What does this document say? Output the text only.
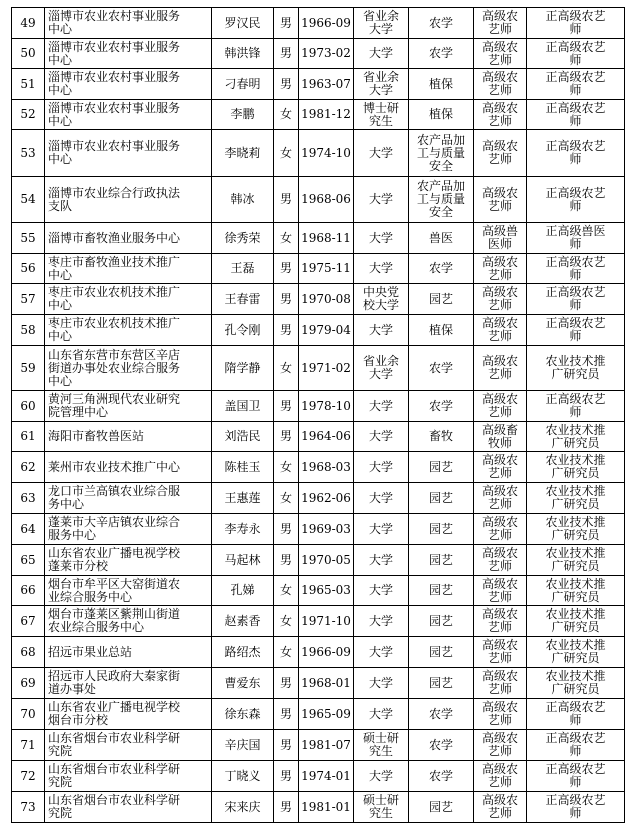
49	淄博市农业农村事业服务
中心	罗汉民	男	1966-09	省业余
大学	农学	高级农
艺师	正高级农艺
师

50	淄博市农业农村事业服务
中心	韩洪锋	男	1973-02	大学	农学	高级农
艺师	正高级农艺
师

51	淄博市农业农村事业服务
中心	刁春明	男	1963-07	省业余
大学	植保	高级农
艺师	正高级农艺
师

52	淄博市农业农村事业服务
中心	李鹏	女	1981-12	博士研
究生	植保	高级农
艺师	正高级农艺
师

53	淄博市农业农村事业服务
中心	李晓莉	女	1974-10	大学	农产品加
工与质量
安全	高级农
艺师	正高级农艺
师

54	淄博市农业综合行政执法
支队	韩冰	男	1968-06	大学	农产品加
工与质量
安全	高级农
艺师	正高级农艺
师

55	淄博市畜牧渔业服务中心	徐秀荣	女	1968-11	大学	兽医	高级兽
医师	正高级兽医
师

56	枣庄市畜牧渔业技术推广
中心	王磊	男	1975-11	大学	农学	高级农
艺师	正高级农艺
师

57	枣庄市农业农机技术推广
中心	王春雷	男	1970-08	中央党
校大学	园艺	高级农
艺师	正高级农艺
师

58	枣庄市农业农机技术推广
中心	孔令刚	男	1979-04	大学	植保	高级农
艺师	正高级农艺
师

59	山东省东营市东营区辛店
街道办事处农业综合服务
中心	隋学静	女	1971-02	省业余
大学	农学	高级农
艺师	农业技术推
广研究员

60	黄河三角洲现代农业研究
院管理中心	盖国卫	男	1978-10	大学	农学	高级农
艺师	正高级农艺
师

61	海阳市畜牧兽医站	刘浩民	男	1964-06	大学	畜牧	高级畜
牧师	农业技术推
广研究员

62	莱州市农业技术推广中心	陈桂玉	女	1968-03	大学	园艺	高级农
艺师	农业技术推
广研究员

63	龙口市兰高镇农业综合服
务中心	王惠莲	女	1962-06	大学	园艺	高级农
艺师	农业技术推
广研究员

64	蓬莱市大辛店镇农业综合
服务中心	李寿永	男	1969-03	大学	园艺	高级农
艺师	农业技术推
广研究员

65	山东省农业广播电视学校
蓬莱市分校	马起林	男	1970-05	大学	园艺	高级农
艺师	农业技术推
广研究员

66	烟台市牟平区大窑街道农
业综合服务中心	孔娣	女	1965-03	大学	园艺	高级农
艺师	农业技术推
广研究员

67	烟台市蓬莱区紫荆山街道
农业综合服务中心	赵素香	女	1971-10	大学	园艺	高级农
艺师	农业技术推
广研究员

68	招远市果业总站	路绍杰	女	1966-09	大学	园艺	高级农
艺师	农业技术推
广研究员

69	招远市人民政府大秦家街
道办事处	曹爱东	男	1968-01	大学	园艺	高级农
艺师	农业技术推
广研究员

70	山东省农业广播电视学校
烟台市分校	徐东森	男	1965-09	大学	农学	高级农
艺师	正高级农艺
师

71	山东省烟台市农业科学研
究院	辛庆国	男	1981-07	硕士研
究生	农学	高级农
艺师	正高级农艺
师

72	山东省烟台市农业科学研
究院	丁晓义	男	1974-01	大学	农学	高级农
艺师	正高级农艺
师

73	山东省烟台市农业科学研
究院	宋来庆	男	1981-01	硕士研
究生	园艺	高级农
艺师	正高级农艺
师
